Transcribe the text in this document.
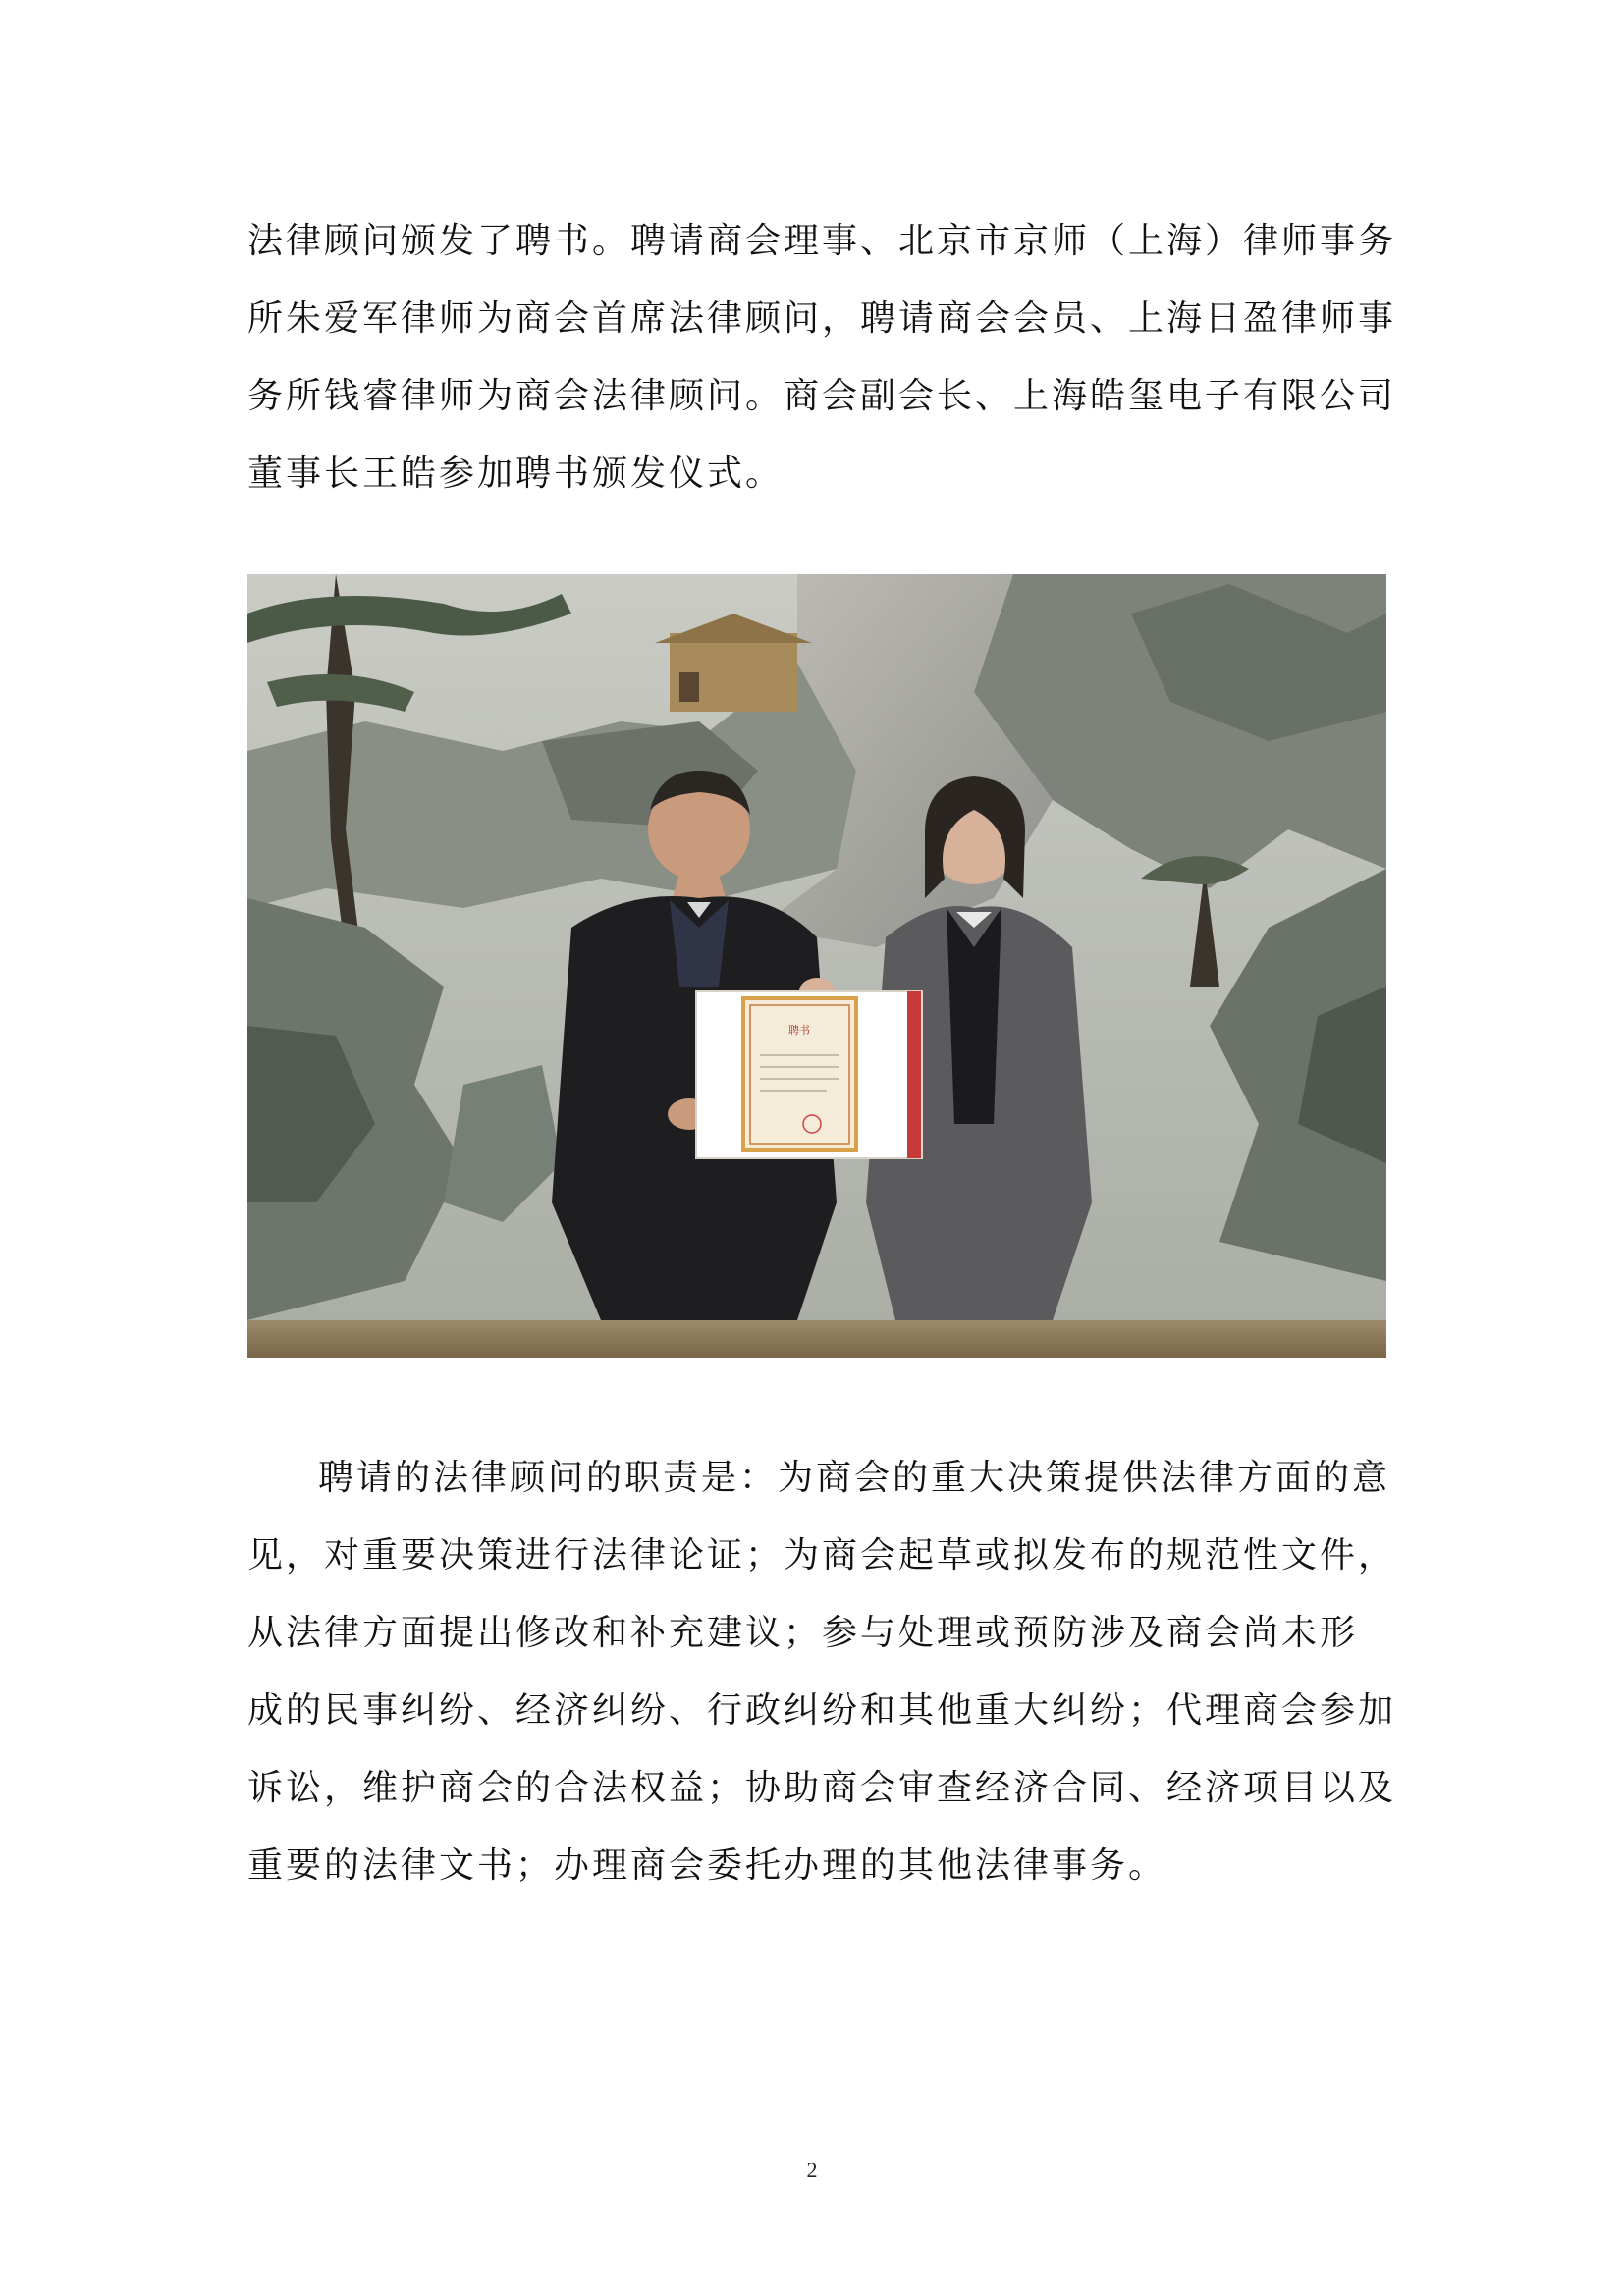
法律顾问颁发了聘书。聘请商会理事、北京市京师（上海）律师事务
所朱爱军律师为商会首席法律顾问，聘请商会会员、上海日盈律师事
务所钱睿律师为商会法律顾问。商会副会长、上海皓玺电子有限公司
董事长王皓参加聘书颁发仪式。
聘书
聘请的法律顾问的职责是：为商会的重大决策提供法律方面的意
见，对重要决策进行法律论证；为商会起草或拟发布的规范性文件，
从法律方面提出修改和补充建议；参与处理或预防涉及商会尚未形
成的民事纠纷、经济纠纷、行政纠纷和其他重大纠纷；代理商会参加
诉讼，维护商会的合法权益；协助商会审查经济合同、经济项目以及
重要的法律文书；办理商会委托办理的其他法律事务。
2
